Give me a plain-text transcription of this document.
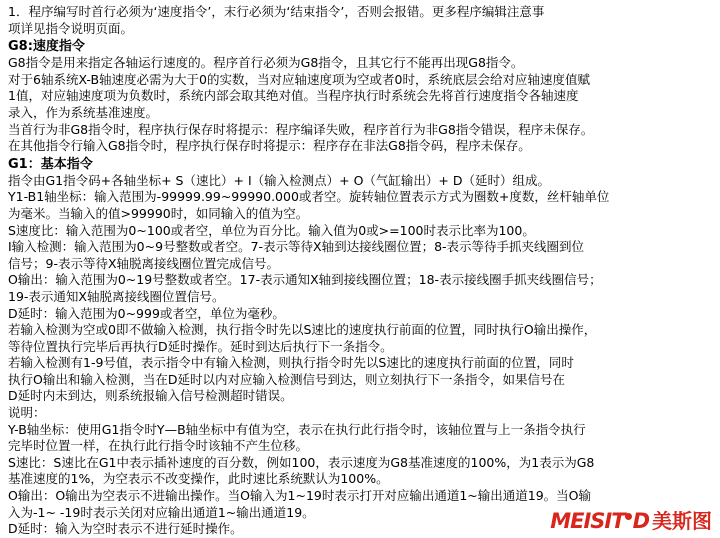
1．程序编写时首行必须为‘速度指令’，末行必须为‘结束指令’，否则会报错。更多程序编辑注意事
项详见指令说明页面。
G8:速度指令
G8指令是用来指定各轴运行速度的。程序首行必须为G8指令，且其它行不能再出现G8指令。
对于6轴系统X-B轴速度必需为大于0的实数，当对应轴速度项为空或者0时，系统底层会给对应轴速度值赋
1值，对应轴速度项为负数时，系统内部会取其绝对值。当程序执行时系统会先将首行速度指令各轴速度
录入，作为系统基准速度。
当首行为非G8指令时，程序执行保存时将提示：程序编译失败，程序首行为非G8指令错误，程序未保存。
在其他指令行输入G8指令时，程序执行保存时将提示：程序存在非法G8指令码，程序未保存。
G1：基本指令
指令由G1指令码+各轴坐标+ S（速比）+ I（输入检测点）+ O（气缸输出）+ D（延时）组成。
Y1-B1轴坐标：输入范围为-99999.99~99990.000或者空。旋转轴位置表示方式为圈数+度数，丝杆轴单位
为毫米。当输入的值>99990时，如同输入的值为空。
S速度比：输入范围为0~100或者空，单位为百分比。输入值为0或>=100时表示比率为100。
I输入检测：输入范围为0~9号整数或者空。7-表示等待X轴到达接线圈位置；8-表示等待手抓夹线圈到位
信号；9-表示等待X轴脱离接线圈位置完成信号。
O输出：输入范围为0~19号整数或者空。17-表示通知X轴到接线圈位置；18-表示接线圈手抓夹线圈信号；
19-表示通知X轴脱离接线圈位置信号。
D延时：输入范围为0~999或者空，单位为毫秒。
若输入检测为空或0即不做输入检测，执行指令时先以S速比的速度执行前面的位置，同时执行O输出操作，
等待位置执行完毕后再执行D延时操作。延时到达后执行下一条指令。
若输入检测有1-9号值，表示指令中有输入检测，则执行指令时先以S速比的速度执行前面的位置，同时
执行O输出和输入检测，当在D延时以内对应输入检测信号到达，则立刻执行下一条指令，如果信号在
D延时内未到达，则系统报输入信号检测超时错误。
说明：
Y-B轴坐标：使用G1指令时Y—B轴坐标中有值为空，表示在执行此行指令时，该轴位置与上一条指令执行
完毕时位置一样，在执行此行指令时该轴不产生位移。
S速比：S速比在G1中表示插补速度的百分数，例如100，表示速度为G8基准速度的100%，为1表示为G8
基准速度的1%，为空表示不改变操作，此时速比系统默认为100%。
O输出：O输出为空表示不进输出操作。当O输入为1~19时表示打开对应输出通道1~输出通道19。当O输
入为-1~ -19时表示关闭对应输出通道1~输出通道19。
D延时：输入为空时表示不进行延时操作。	MEISIT D 美斯图
